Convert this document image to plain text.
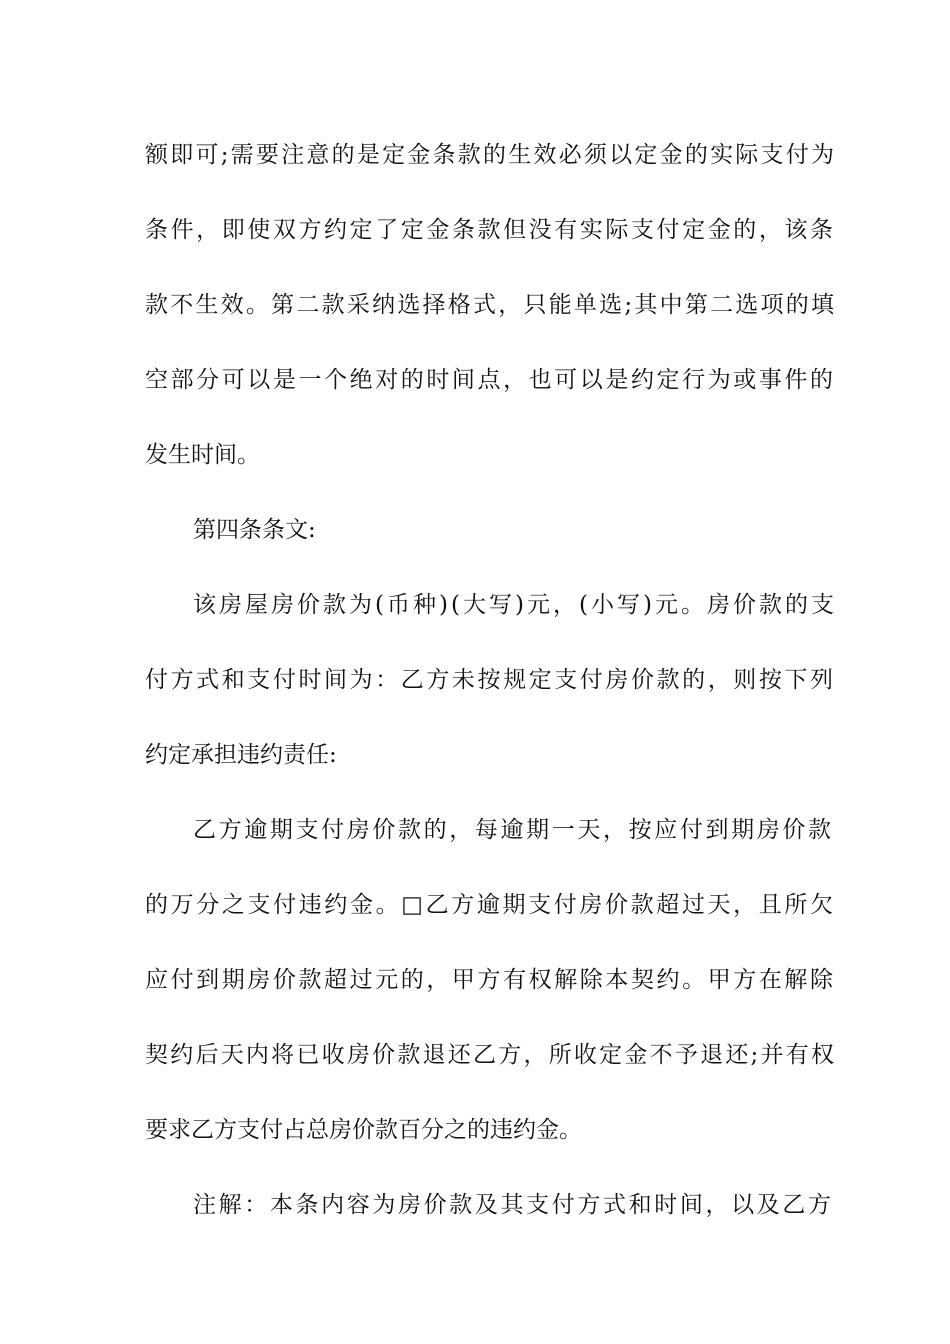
额即可;需要注意的是定金条款的生效必须以定金的实际支付为
条件，即使双方约定了定金条款但没有实际支付定金的，该条
款不生效。第二款采纳选择格式，只能单选;其中第二选项的填
空部分可以是一个绝对的时间点，也可以是约定行为或事件的
发生时间。
第四条条文:
该房屋房价款为(币种)(大写)元，(小写)元。房价款的支
付方式和支付时间为：乙方未按规定支付房价款的，则按下列
约定承担违约责任:
乙方逾期支付房价款的，每逾期一天，按应付到期房价款
的万分之支付违约金。□乙方逾期支付房价款超过天，且所欠
应付到期房价款超过元的，甲方有权解除本契约。甲方在解除
契约后天内将已收房价款退还乙方，所收定金不予退还;并有权
要求乙方支付占总房价款百分之的违约金。
注解：本条内容为房价款及其支付方式和时间，以及乙方
